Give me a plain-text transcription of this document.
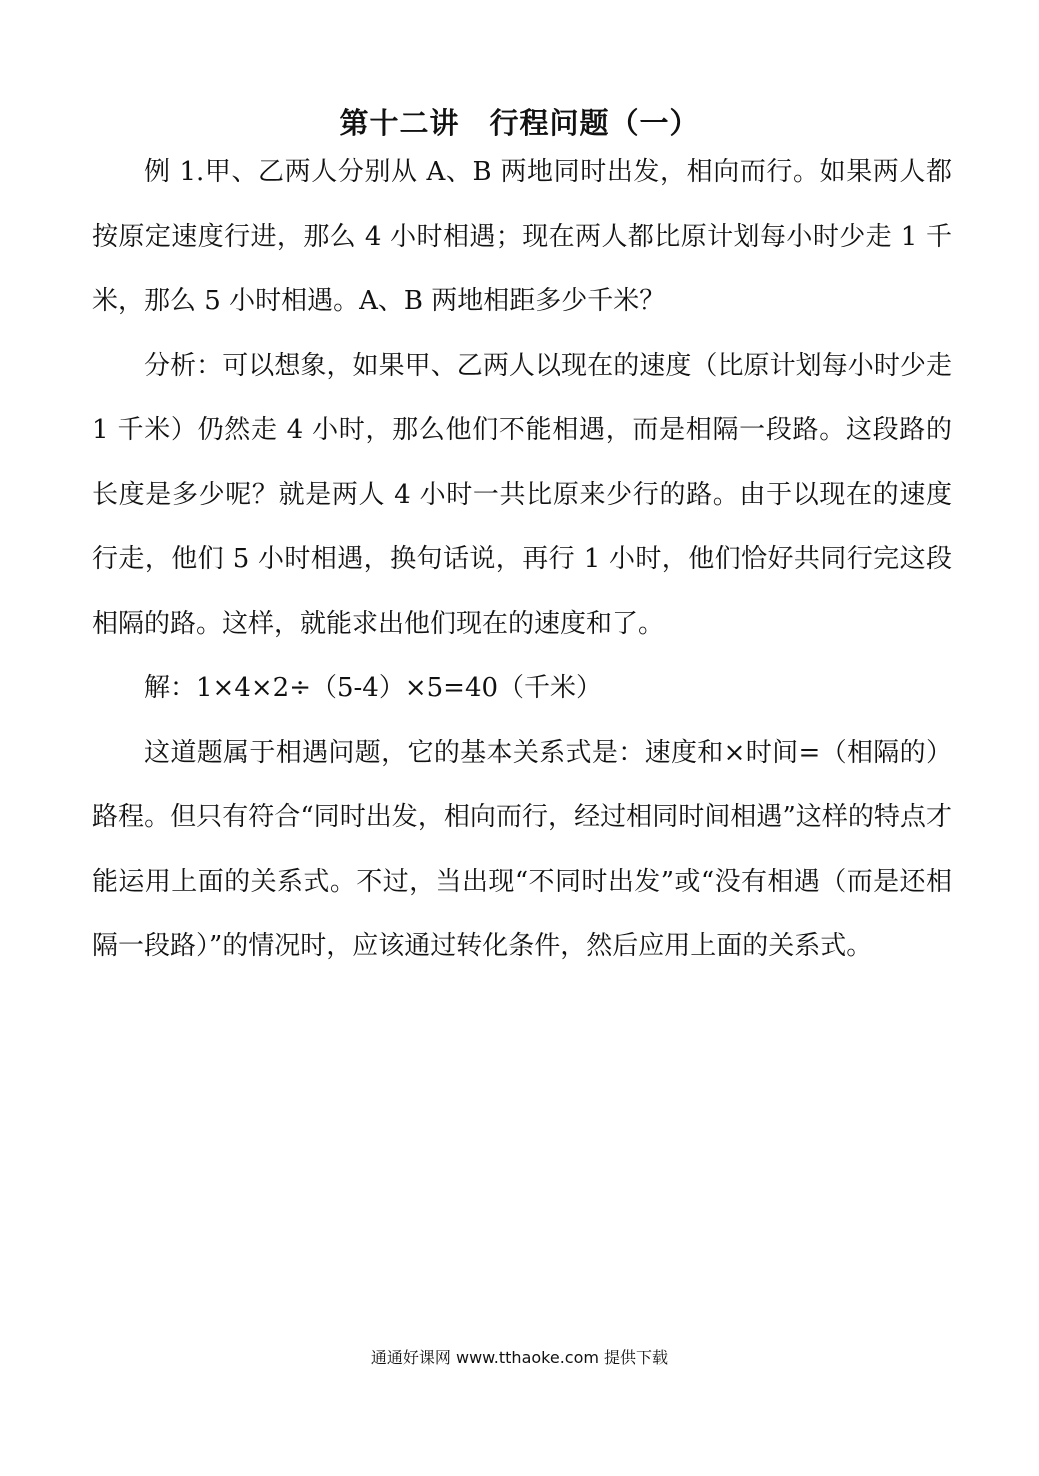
第十二讲　行程问题（一）

例 1.甲、乙两人分别从 A、B 两地同时出发，相向而行。如果两人都按原定速度行进，那么 4 小时相遇；现在两人都比原计划每小时少走 1 千米，那么 5 小时相遇。A、B 两地相距多少千米？

分析：可以想象，如果甲、乙两人以现在的速度（比原计划每小时少走 1 千米）仍然走 4 小时，那么他们不能相遇，而是相隔一段路。这段路的长度是多少呢？就是两人 4 小时一共比原来少行的路。由于以现在的速度行走，他们 5 小时相遇，换句话说，再行 1 小时，他们恰好共同行完这段相隔的路。这样，就能求出他们现在的速度和了。

解：1×4×2÷（5-4）×5=40（千米）

这道题属于相遇问题，它的基本关系式是：速度和×时间=（相隔的）路程。但只有符合“同时出发，相向而行，经过相同时间相遇”这样的特点才能运用上面的关系式。不过，当出现“不同时出发”或“没有相遇（而是还相隔一段路）”的情况时，应该通过转化条件，然后应用上面的关系式。

通通好课网 www.tthaoke.com 提供下载
